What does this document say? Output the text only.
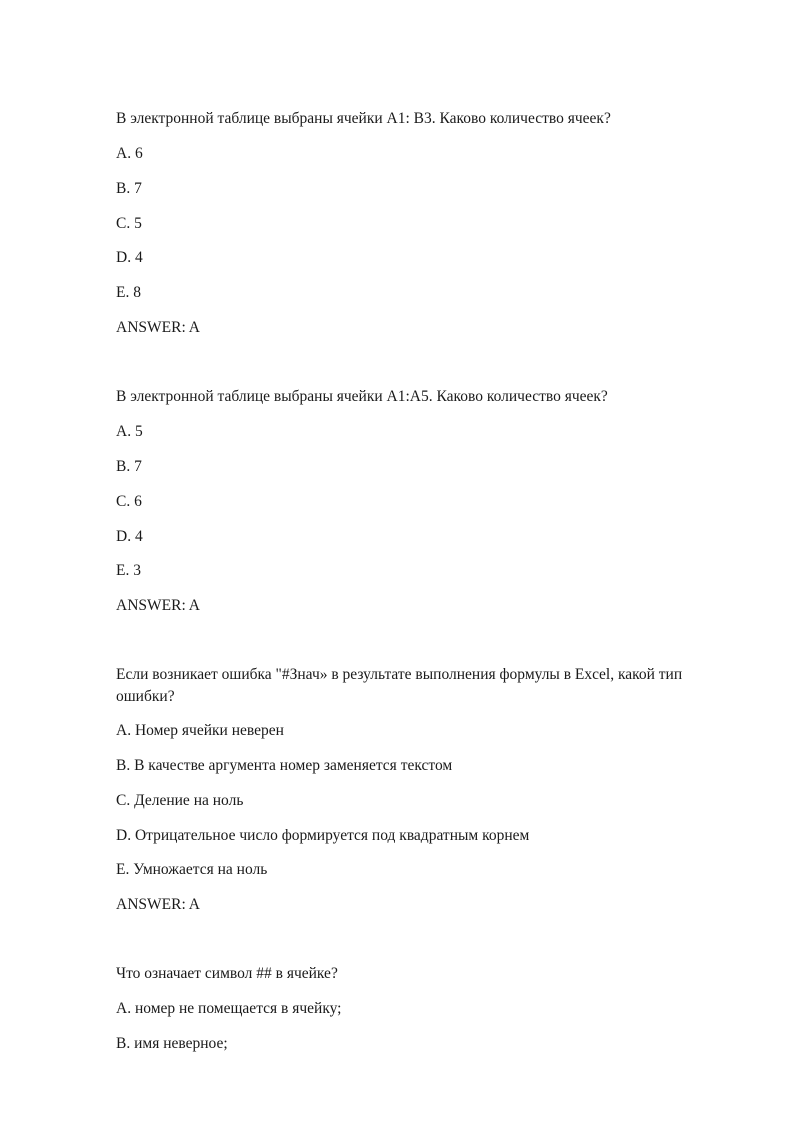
В электронной таблице выбраны ячейки A1: B3. Каково количество ячеек?
A. 6
B. 7
C. 5
D. 4
E. 8
ANSWER: A
В электронной таблице выбраны ячейки A1:A5. Каково количество ячеек?
A. 5
B. 7
C. 6
D. 4
E. 3
ANSWER: A
Если возникает ошибка "#Знач» в результате выполнения формулы в Excel, какой тип ошибки?
A. Номер ячейки неверен
B. В качестве аргумента номер заменяется текстом
C. Деление на ноль
D. Отрицательное число формируется под квадратным корнем
E. Умножается на ноль
ANSWER: A
Что означает символ ## в ячейке?
A. номер не помещается в ячейку;
B. имя неверное;
